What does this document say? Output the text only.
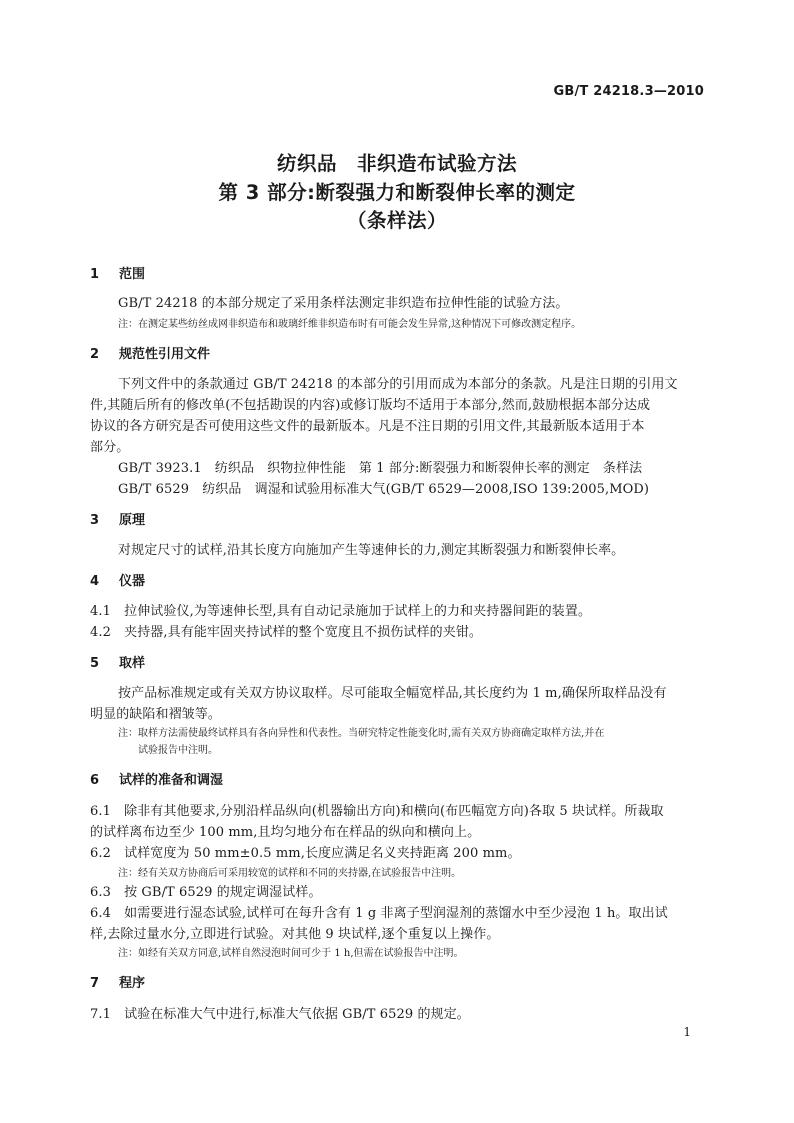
GB/T 24218.3—2010
纺织品　非织造布试验方法
第 3 部分:断裂强力和断裂伸长率的测定
（条样法）
1 范围
GB/T 24218 的本部分规定了采用条样法测定非织造布拉伸性能的试验方法。
注：在测定某些纺丝成网非织造布和玻璃纤维非织造布时有可能会发生异常,这种情况下可修改测定程序。
2 规范性引用文件
下列文件中的条款通过 GB/T 24218 的本部分的引用而成为本部分的条款。凡是注日期的引用文
件,其随后所有的修改单(不包括勘误的内容)或修订版均不适用于本部分,然而,鼓励根据本部分达成
协议的各方研究是否可使用这些文件的最新版本。凡是不注日期的引用文件,其最新版本适用于本
部分。
GB/T 3923.1　纺织品　织物拉伸性能　第 1 部分:断裂强力和断裂伸长率的测定　条样法
GB/T 6529　纺织品　调湿和试验用标准大气(GB/T 6529—2008,ISO 139:2005,MOD)
3 原理
对规定尺寸的试样,沿其长度方向施加产生等速伸长的力,测定其断裂强力和断裂伸长率。
4 仪器
4.1　 拉伸试验仪,为等速伸长型,具有自动记录施加于试样上的力和夹持器间距的装置。
4.2　 夹持器,具有能牢固夹持试样的整个宽度且不损伤试样的夹钳。
5 取样
按产品标准规定或有关双方协议取样。尽可能取全幅宽样品,其长度约为 1 m,确保所取样品没有
明显的缺陷和褶皱等。
注：取样方法需使最终试样具有各向异性和代表性。当研究特定性能变化时,需有关双方协商确定取样方法,并在
试验报告中注明。
6 试样的准备和调湿
6.1　 除非有其他要求,分别沿样品纵向(机器输出方向)和横向(布匹幅宽方向)各取 5 块试样。所裁取
的试样离布边至少 100 mm,且均匀地分布在样品的纵向和横向上。
6.2　 试样宽度为 50 mm±0.5 mm,长度应满足名义夹持距离 200 mm。
注：经有关双方协商后可采用较宽的试样和不同的夹持器,在试验报告中注明。
6.3　 按 GB/T 6529 的规定调湿试样。
6.4　 如需要进行湿态试验,试样可在每升含有 1 g 非离子型润湿剂的蒸馏水中至少浸泡 1 h。取出试
样,去除过量水分,立即进行试验。对其他 9 块试样,逐个重复以上操作。
注：如经有关双方同意,试样自然浸泡时间可少于 1 h,但需在试验报告中注明。
7 程序
7.1　 试验在标准大气中进行,标准大气依据 GB/T 6529 的规定。
1
